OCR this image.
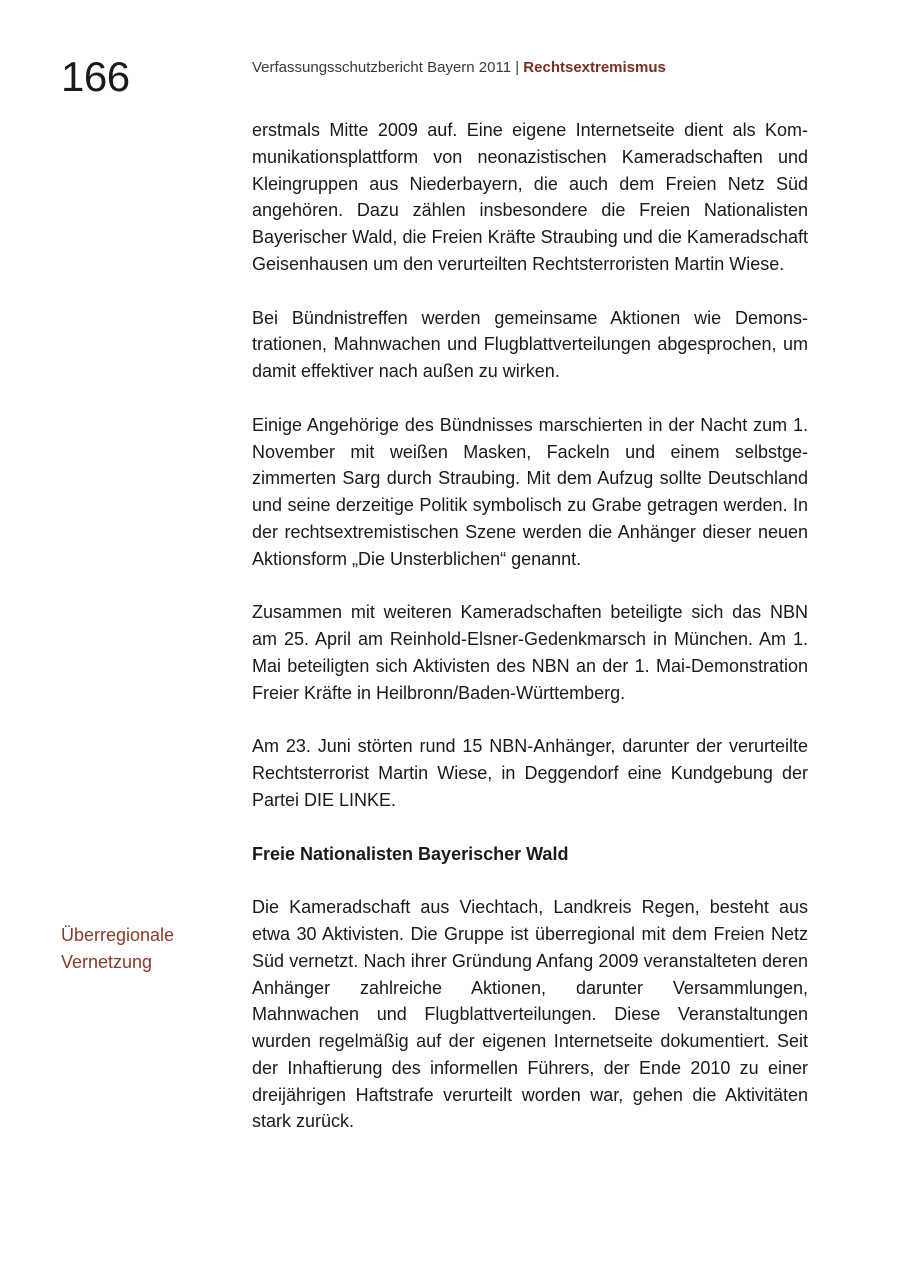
166	Verfassungsschutzbericht Bayern 2011 | Rechtsextremismus

erstmals Mitte 2009 auf. Eine eigene Internetseite dient als Kommunikationsplattform von neonazistischen Kameradschaften und Kleingruppen aus Niederbayern, die auch dem Freien Netz Süd angehören. Dazu zählen insbesondere die Freien Nationalisten Bayerischer Wald, die Freien Kräfte Straubing und die Kameradschaft Geisenhausen um den verurteilten Rechtsterroristen Martin Wiese.

Bei Bündnistreffen werden gemeinsame Aktionen wie Demonstrationen, Mahnwachen und Flugblattverteilungen abgesprochen, um damit effektiver nach außen zu wirken.

Einige Angehörige des Bündnisses marschierten in der Nacht zum 1. November mit weißen Masken, Fackeln und einem selbstgezimmerten Sarg durch Straubing. Mit dem Aufzug sollte Deutschland und seine derzeitige Politik symbolisch zu Grabe getragen werden. In der rechtsextremistischen Szene werden die Anhänger dieser neuen Aktionsform „Die Unsterblichen“ genannt.

Zusammen mit weiteren Kameradschaften beteiligte sich das NBN am 25. April am Reinhold-Elsner-Gedenkmarsch in München. Am 1. Mai beteiligten sich Aktivisten des NBN an der 1. Mai-Demonstration Freier Kräfte in Heilbronn/Baden-Württemberg.

Am 23. Juni störten rund 15 NBN-Anhänger, darunter der verurteilte Rechtsterrorist Martin Wiese, in Deggendorf eine Kundgebung der Partei DIE LINKE.

Freie Nationalisten Bayerischer Wald

Die Kameradschaft aus Viechtach, Landkreis Regen, besteht aus etwa 30 Aktivisten. Die Gruppe ist überregional mit dem Freien Netz Süd vernetzt. Nach ihrer Gründung Anfang 2009 veranstalteten deren Anhänger zahlreiche Aktionen, darunter Versammlungen, Mahnwachen und Flugblattverteilungen. Diese Veranstaltungen wurden regelmäßig auf der eigenen Internetseite dokumentiert. Seit der Inhaftierung des informellen Führers, der Ende 2010 zu einer dreijährigen Haftstrafe verurteilt worden war, gehen die Aktivitäten stark zurück.

Überregionale
Vernetzung
